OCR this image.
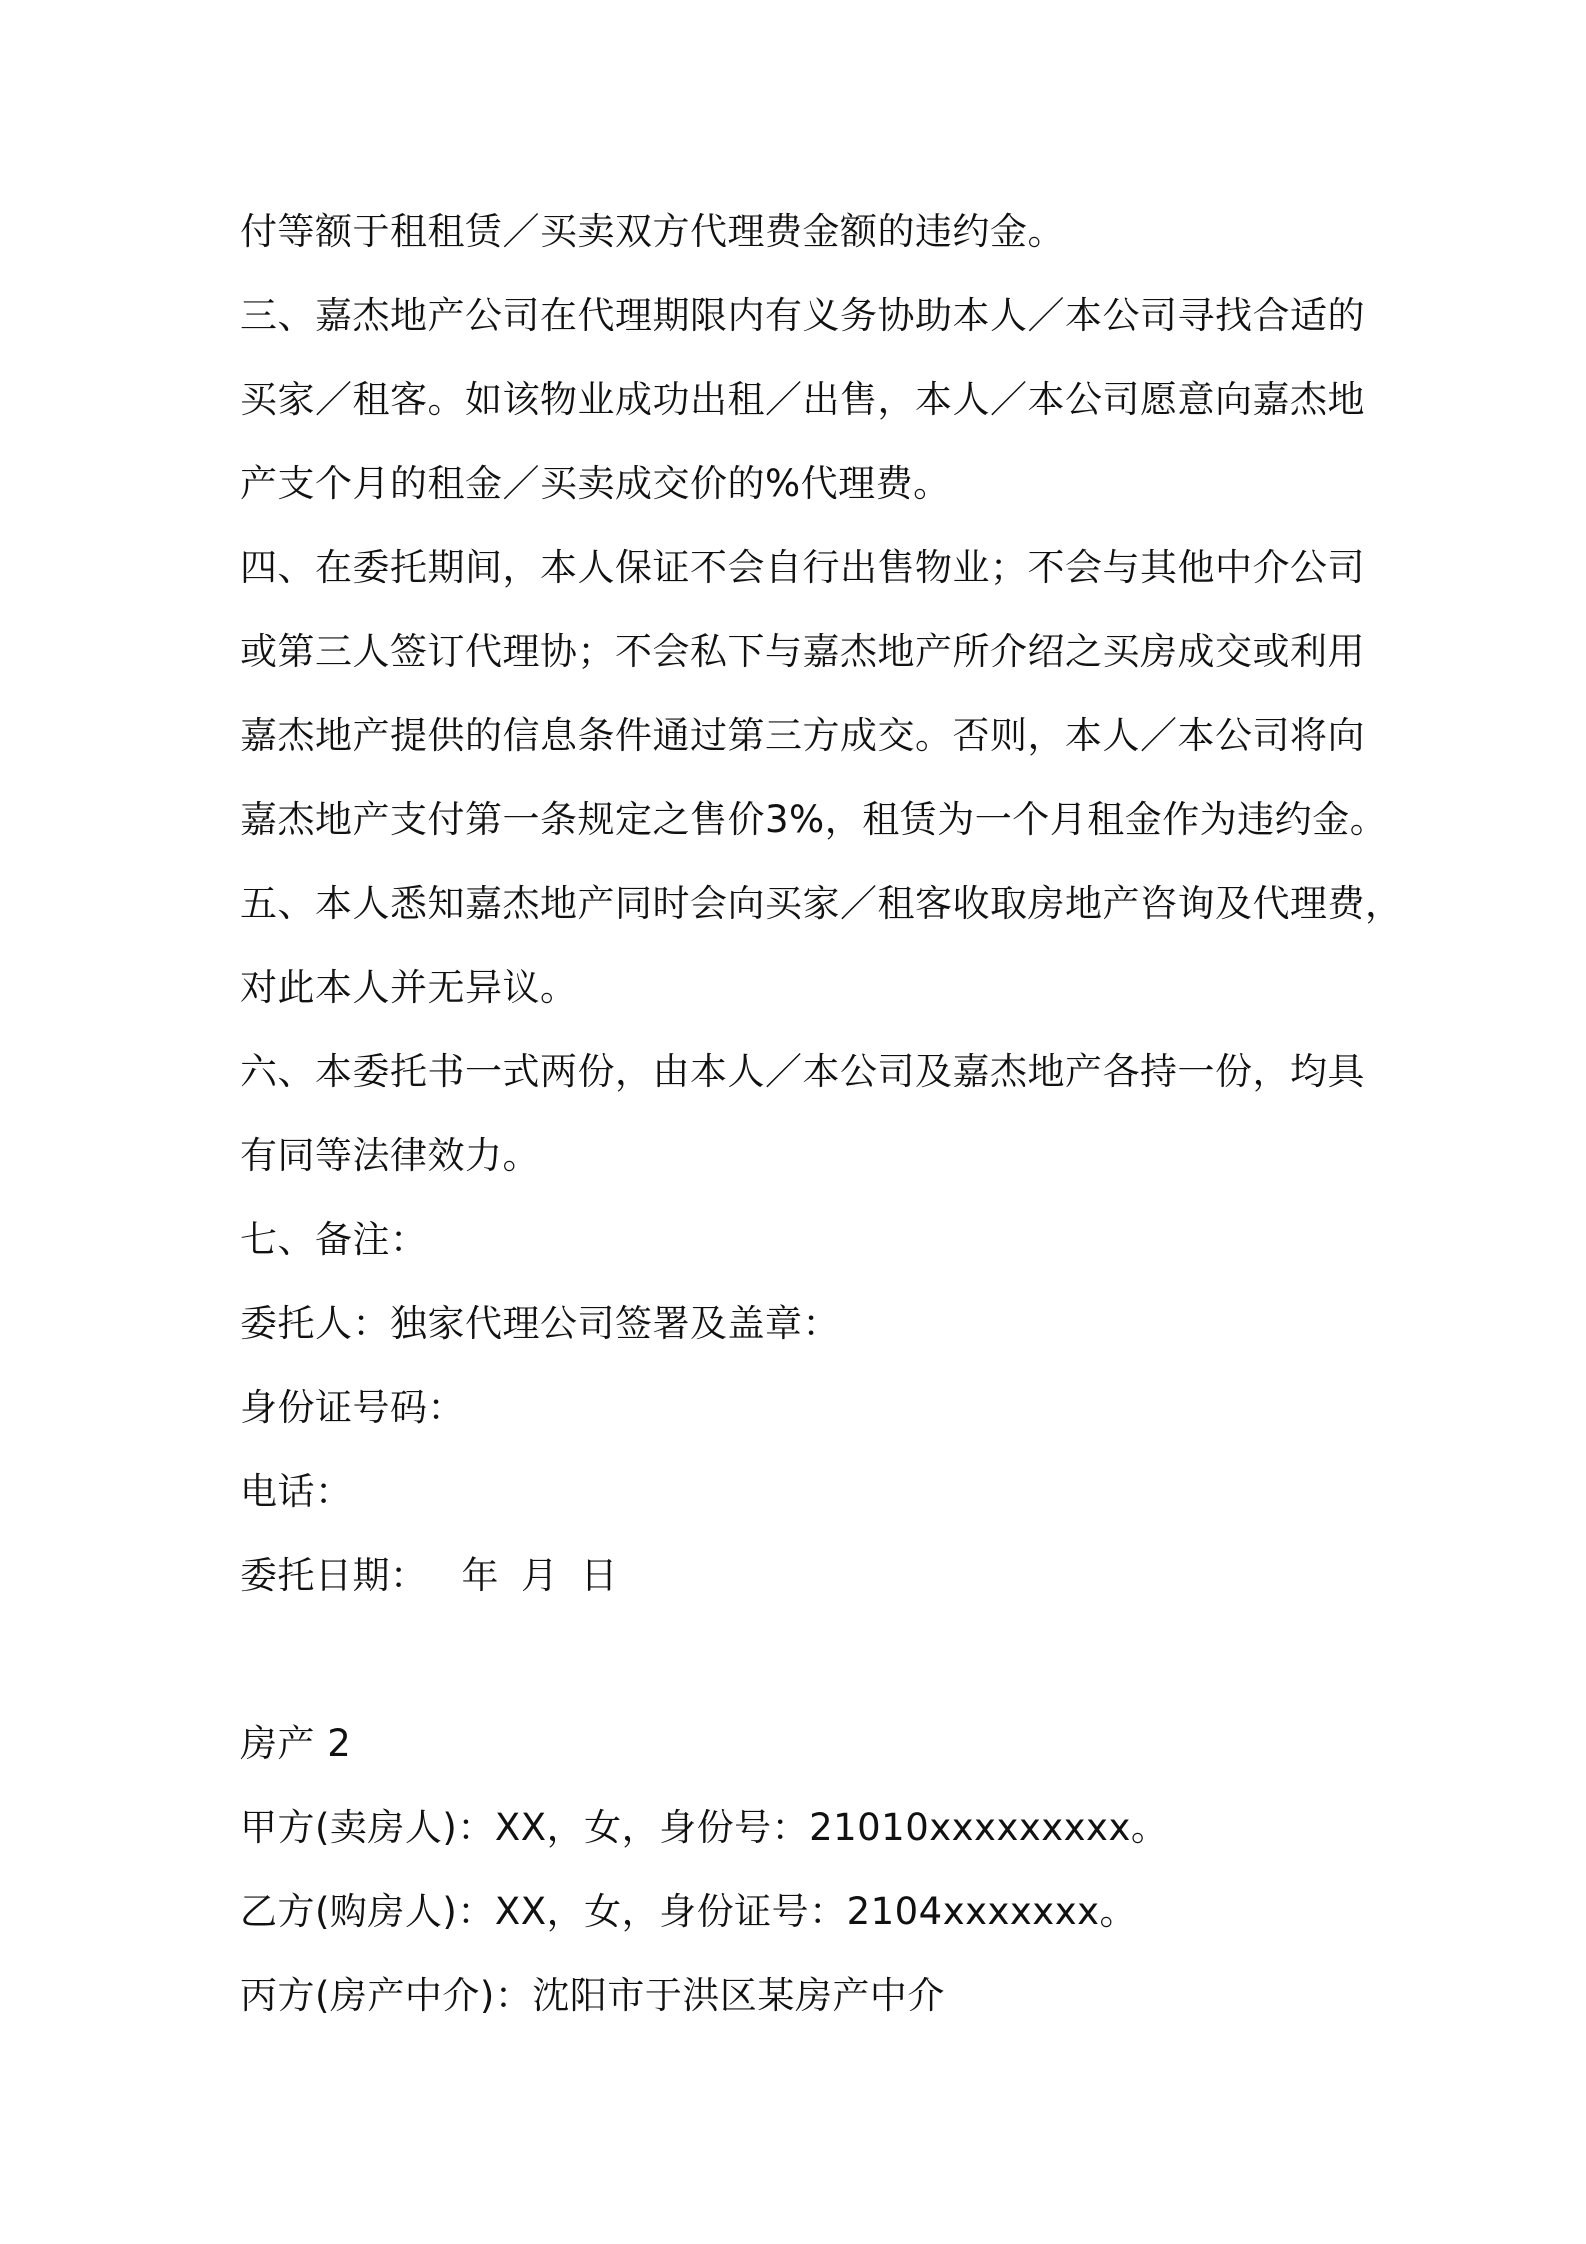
付等额于租租赁／买卖双方代理费金额的违约金。
三、嘉杰地产公司在代理期限内有义务协助本人／本公司寻找合适的
买家／租客。如该物业成功出租／出售，本人／本公司愿意向嘉杰地
产支个月的租金／买卖成交价的%代理费。
四、在委托期间，本人保证不会自行出售物业；不会与其他中介公司
或第三人签订代理协；不会私下与嘉杰地产所介绍之买房成交或利用
嘉杰地产提供的信息条件通过第三方成交。否则，本人／本公司将向
嘉杰地产支付第一条规定之售价3%，租赁为一个月租金作为违约金。
五、本人悉知嘉杰地产同时会向买家／租客收取房地产咨询及代理费，
对此本人并无异议。
六、本委托书一式两份，由本人／本公司及嘉杰地产各持一份，均具
有同等法律效力。
七、备注：
委托人：独家代理公司签署及盖章：
身份证号码：
电话：
委托日期： 年 月 日
房产 2
甲方(卖房人)：XX，女，身份号：21010xxxxxxxxx。
乙方(购房人)：XX，女，身份证号：2104xxxxxxx。
丙方(房产中介)：沈阳市于洪区某房产中介
